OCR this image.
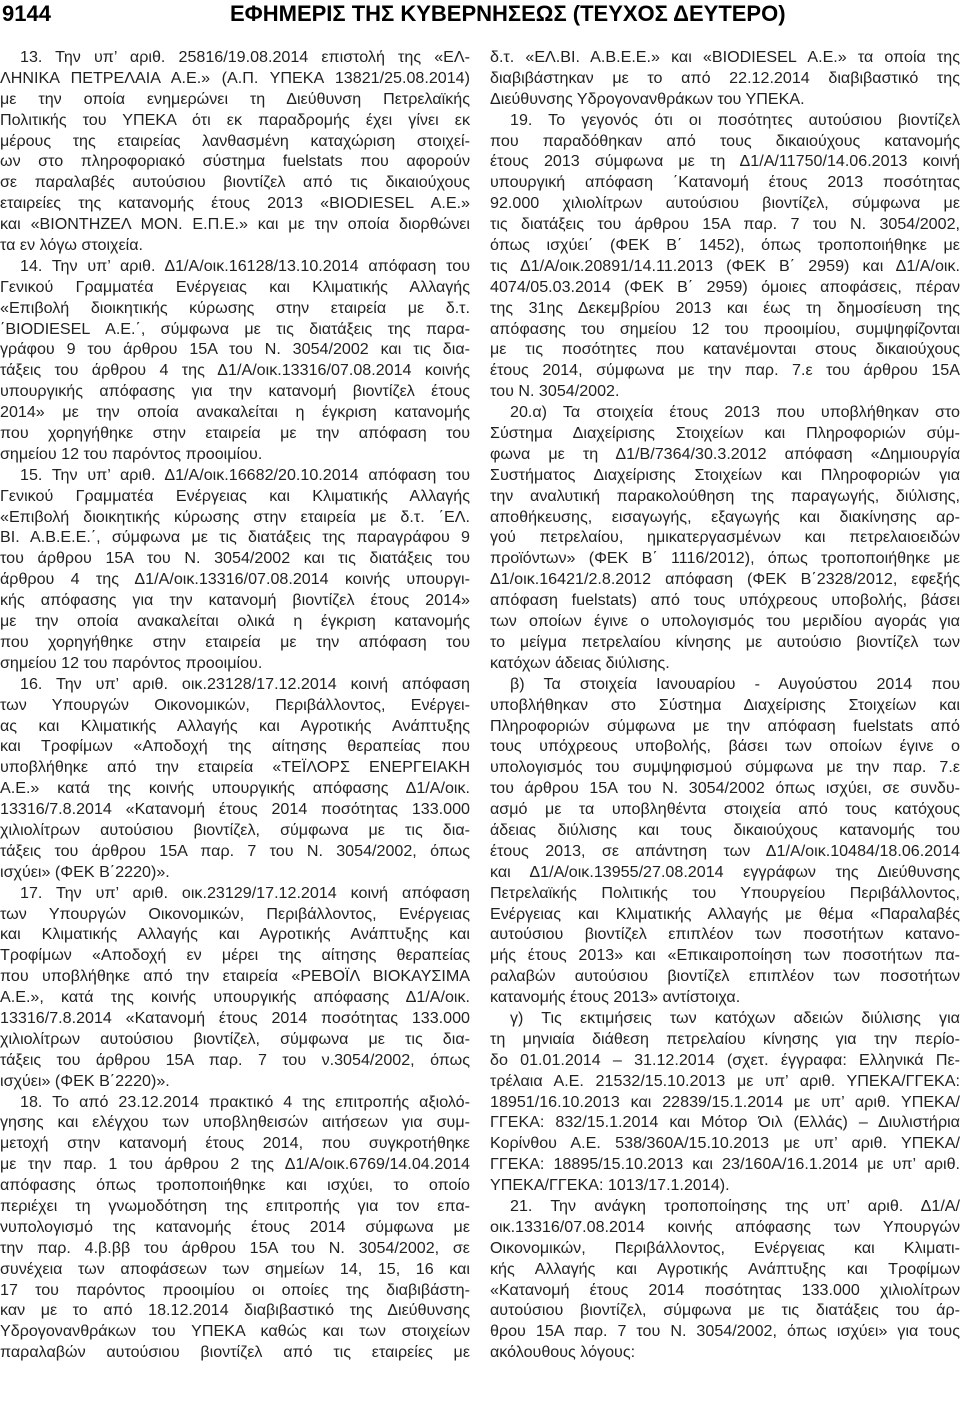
9144	ΕΦΗΜΕΡΙΣ ΤΗΣ ΚΥΒΕΡΝΗΣΕΩΣ (ΤΕΥΧΟΣ ΔΕΥΤΕΡΟ)
13. Την υπ’ αριθ. 25816/19.08.2014 επιστολή της «ΕΛ-
ΛΗΝΙΚΑ ΠΕΤΡΕΛΑΙΑ Α.Ε.» (Α.Π. ΥΠΕΚΑ 13821/25.08.2014)
με την οποία ενημερώνει τη Διεύθυνση Πετρελαϊκής
Πολιτικής του ΥΠΕΚΑ ότι εκ παραδρομής έχει γίνει εκ
μέρους της εταιρείας λανθασμένη καταχώριση στοιχεί-
ων στο πληροφοριακό σύστημα fuelstats που αφορούν
σε παραλαβές αυτούσιου βιοντίζελ από τις δικαιούχους
εταιρείες της κατανομής έτους 2013 «BIODIESEL Α.Ε.»
και «ΒΙΟΝΤΗΖΕΛ ΜΟΝ. Ε.Π.Ε.» και με την οποία διορθώνει
τα εν λόγω στοιχεία.
14. Την υπ’ αριθ. Δ1/Α/οικ.16128/13.10.2014 απόφαση του
Γενικού Γραμματέα Ενέργειας και Κλιματικής Αλλαγής
«Επιβολή διοικητικής κύρωσης στην εταιρεία με δ.τ.
΄BIODIESEL Α.Ε.΄, σύμφωνα με τις διατάξεις της παρα-
γράφου 9 του άρθρου 15Α του Ν. 3054/2002 και τις δια-
τάξεις του άρθρου 4 της Δ1/Α/οικ.13316/07.08.2014 κοινής
υπουργικής απόφασης για την κατανομή βιοντίζελ έτους
2014» με την οποία ανακαλείται η έγκριση κατανομής
που χορηγήθηκε στην εταιρεία με την απόφαση του
σημείου 12 του παρόντος προοιμίου.
15. Την υπ’ αριθ. Δ1/Α/οικ.16682/20.10.2014 απόφαση του
Γενικού Γραμματέα Ενέργειας και Κλιματικής Αλλαγής
«Επιβολή διοικητικής κύρωσης στην εταιρεία με δ.τ. ΄ΕΛ.
ΒΙ. Α.Β.Ε.Ε.΄, σύμφωνα με τις διατάξεις της παραγράφου 9
του άρθρου 15Α του Ν. 3054/2002 και τις διατάξεις του
άρθρου 4 της Δ1/Α/οικ.13316/07.08.2014 κοινής υπουργι-
κής απόφασης για την κατανομή βιοντίζελ έτους 2014»
με την οποία ανακαλείται ολικά η έγκριση κατανομής
που χορηγήθηκε στην εταιρεία με την απόφαση του
σημείου 12 του παρόντος προοιμίου.
16. Την υπ’ αριθ. οικ.23128/17.12.2014 κοινή απόφαση
των Υπουργών Οικονομικών, Περιβάλλοντος, Ενέργει-
ας και Κλιματικής Αλλαγής και Αγροτικής Ανάπτυξης
και Τροφίμων «Αποδοχή της αίτησης θεραπείας που
υποβλήθηκε από την εταιρεία «ΤΕΪΛΟΡΣ ΕΝΕΡΓΕΙΑΚΗ
Α.Ε.» κατά της κοινής υπουργικής απόφασης Δ1/Α/οικ.
13316/7.8.2014 «Κατανομή έτους 2014 ποσότητας 133.000
χιλιολίτρων αυτούσιου βιοντίζελ, σύμφωνα με τις δια-
τάξεις του άρθρου 15Α παρ. 7 του Ν. 3054/2002, όπως
ισχύει» (ΦΕΚ Β΄2220)».
17. Την υπ’ αριθ. οικ.23129/17.12.2014 κοινή απόφαση
των Υπουργών Οικονομικών, Περιβάλλοντος, Ενέργειας
και Κλιματικής Αλλαγής και Αγροτικής Ανάπτυξης και
Τροφίμων «Αποδοχή εν μέρει της αίτησης θεραπείας
που υποβλήθηκε από την εταιρεία «ΡΕΒΟΪΛ ΒΙΟΚΑΥΣΙΜΑ
Α.Ε.», κατά της κοινής υπουργικής απόφασης Δ1/Α/οικ.
13316/7.8.2014 «Κατανομή έτους 2014 ποσότητας 133.000
χιλιολίτρων αυτούσιου βιοντίζελ, σύμφωνα με τις δια-
τάξεις του άρθρου 15Α παρ. 7 του ν.3054/2002, όπως
ισχύει» (ΦΕΚ Β΄2220)».
18. Το από 23.12.2014 πρακτικό 4 της επιτροπής αξιολό-
γησης και ελέγχου των υποβληθεισών αιτήσεων για συμ-
μετοχή στην κατανομή έτους 2014, που συγκροτήθηκε
με την παρ. 1 του άρθρου 2 της Δ1/Α/οικ.6769/14.04.2014
απόφασης όπως τροποποιήθηκε και ισχύει, το οποίο
περιέχει τη γνωμοδότηση της επιτροπής για τον επα-
νυπολογισμό της κατανομής έτους 2014 σύμφωνα με
την παρ. 4.β.ββ του άρθρου 15Α του Ν. 3054/2002, σε
συνέχεια των αποφάσεων των σημείων 14, 15, 16 και
17 του παρόντος προοιμίου οι οποίες της διαβιβάστη-
καν με το από 18.12.2014 διαβιβαστικό της Διεύθυνσης
Υδρογονανθράκων του ΥΠΕΚΑ καθώς και των στοιχείων
παραλαβών αυτούσιου βιοντίζελ από τις εταιρείες με
δ.τ. «ΕΛ.ΒΙ. Α.Β.Ε.Ε.» και «BIODIESEL Α.Ε.» τα οποία της
διαβιβάστηκαν με το από 22.12.2014 διαβιβαστικό της
Διεύθυνσης Υδρογονανθράκων του ΥΠΕΚΑ.
19. Το γεγονός ότι οι ποσότητες αυτούσιου βιοντίζελ
που παραδόθηκαν από τους δικαιούχους κατανομής
έτους 2013 σύμφωνα με τη Δ1/Α/11750/14.06.2013 κοινή
υπουργική απόφαση ΄Κατανομή έτους 2013 ποσότητας
92.000 χιλιολίτρων αυτούσιου βιοντίζελ, σύμφωνα με
τις διατάξεις του άρθρου 15Α παρ. 7 του Ν. 3054/2002,
όπως ισχύει΄ (ΦΕΚ Β΄ 1452), όπως τροποποιήθηκε με
τις Δ1/Α/οικ.20891/14.11.2013 (ΦΕΚ Β΄ 2959) και Δ1/Α/οικ.
4074/05.03.2014 (ΦΕΚ Β΄ 2959) όμοιες αποφάσεις, πέραν
της 31ης Δεκεμβρίου 2013 και έως τη δημοσίευση της
απόφασης του σημείου 12 του προοιμίου, συμψηφίζονται
με τις ποσότητες που κατανέμονται στους δικαιούχους
έτους 2014, σύμφωνα με την παρ. 7.ε του άρθρου 15Α
του Ν. 3054/2002.
20.α) Τα στοιχεία έτους 2013 που υποβλήθηκαν στο
Σύστημα Διαχείρισης Στοιχείων και Πληροφοριών σύμ-
φωνα με τη Δ1/Β/7364/30.3.2012 απόφαση «Δημιουργία
Συστήματος Διαχείρισης Στοιχείων και Πληροφοριών για
την αναλυτική παρακολούθηση της παραγωγής, διύλισης,
αποθήκευσης, εισαγωγής, εξαγωγής και διακίνησης αρ-
γού πετρελαίου, ημικατεργασμένων και πετρελαιοειδών
προϊόντων» (ΦΕΚ Β΄ 1116/2012), όπως τροποποιήθηκε με
Δ1/οικ.16421/2.8.2012 απόφαση (ΦΕΚ Β΄2328/2012, εφεξής
απόφαση fuelstats) από τους υπόχρεους υποβολής, βάσει
των οποίων έγινε ο υπολογισμός του μεριδίου αγοράς για
το μείγμα πετρελαίου κίνησης με αυτούσιο βιοντίζελ των
κατόχων άδειας διύλισης.
β) Τα στοιχεία Ιανουαρίου - Αυγούστου 2014 που
υποβλήθηκαν στο Σύστημα Διαχείρισης Στοιχείων και
Πληροφοριών σύμφωνα με την απόφαση fuelstats από
τους υπόχρεους υποβολής, βάσει των οποίων έγινε ο
υπολογισμός του συμψηφισμού σύμφωνα με την παρ. 7.ε
του άρθρου 15Α του Ν. 3054/2002 όπως ισχύει, σε συνδυ-
ασμό με τα υποβληθέντα στοιχεία από τους κατόχους
άδειας διύλισης και τους δικαιούχους κατανομής του
έτους 2013, σε απάντηση των Δ1/Α/οικ.10484/18.06.2014
και Δ1/Α/οικ.13955/27.08.2014 εγγράφων της Διεύθυνσης
Πετρελαϊκής Πολιτικής του Υπουργείου Περιβάλλοντος,
Ενέργειας και Κλιματικής Αλλαγής με θέμα «Παραλαβές
αυτούσιου βιοντίζελ επιπλέον των ποσοτήτων κατανο-
μής έτους 2013» και «Επικαιροποίηση των ποσοτήτων πα-
ραλαβών αυτούσιου βιοντίζελ επιπλέον των ποσοτήτων
κατανομής έτους 2013» αντίστοιχα.
γ) Τις εκτιμήσεις των κατόχων αδειών διύλισης για
τη μηνιαία διάθεση πετρελαίου κίνησης για την περίο-
δο 01.01.2014 – 31.12.2014 (σχετ. έγγραφα: Ελληνικά Πε-
τρέλαια Α.Ε. 21532/15.10.2013 με υπ’ αριθ. ΥΠΕΚΑ/ΓΓΕΚΑ:
18951/16.10.2013 και 22839/15.1.2014 με υπ’ αριθ. ΥΠΕΚΑ/
ΓΓΕΚΑ: 832/15.1.2014 και Μότορ Όιλ (Ελλάς) – Διυλιστήρια
Κορίνθου Α.Ε. 538/360Α/15.10.2013 με υπ’ αριθ. ΥΠΕΚΑ/
ΓΓΕΚΑ: 18895/15.10.2013 και 23/160Α/16.1.2014 με υπ’ αριθ.
ΥΠΕΚΑ/ΓΓΕΚΑ: 1013/17.1.2014).
21. Την ανάγκη τροποποίησης της υπ’ αριθ. Δ1/Α/
οικ.13316/07.08.2014 κοινής απόφασης των Υπουργών
Οικονομικών, Περιβάλλοντος, Ενέργειας και Κλιματι-
κής Αλλαγής και Αγροτικής Ανάπτυξης και Τροφίμων
«Κατανομή έτους 2014 ποσότητας 133.000 χιλιολίτρων
αυτούσιου βιοντίζελ, σύμφωνα με τις διατάξεις του άρ-
θρου 15Α παρ. 7 του Ν. 3054/2002, όπως ισχύει» για τους
ακόλουθους λόγους:
